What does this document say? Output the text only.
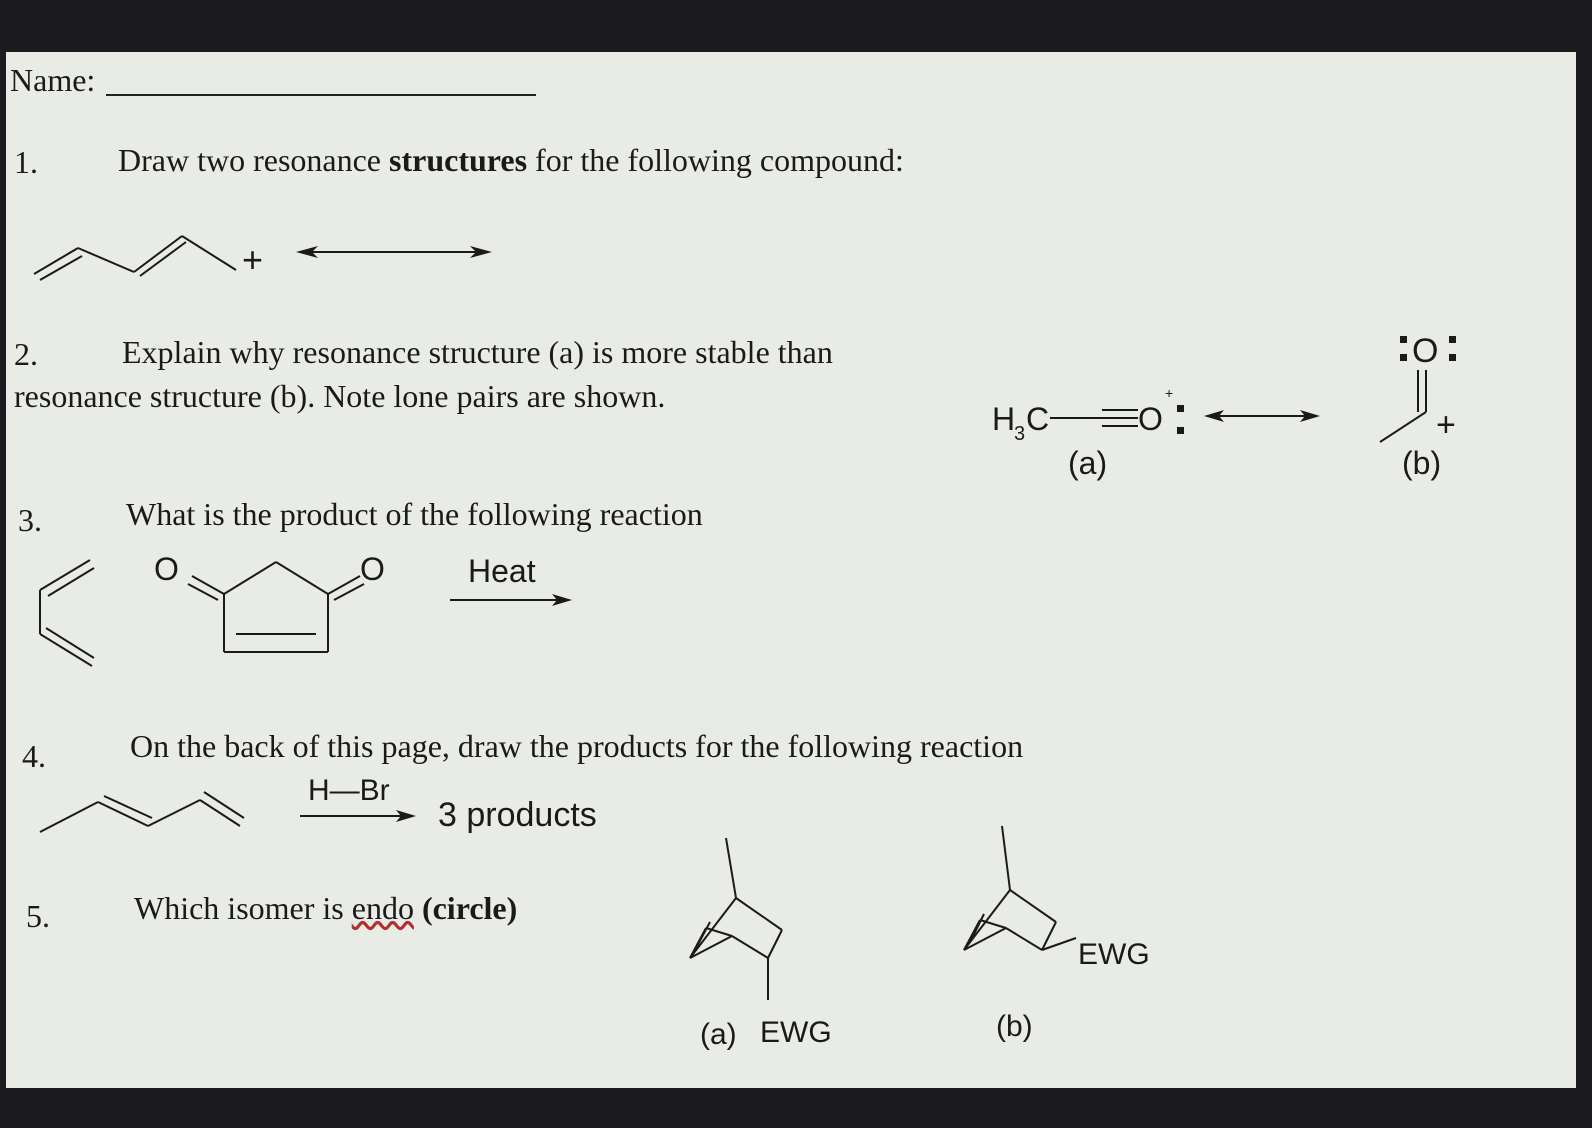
Name:
1.	Draw two resonance structures for the following compound:
+
2.	Explain why resonance structure (a) is more stable than
resonance structure (b). Note lone pairs are shown.
H
3 C	O
+
(a)
O
+
(b)
3.	What is the product of the following reaction
O	O	Heat
4.	On the back of this page, draw the products for the following reaction
H—Br
3 products
5.	Which isomer is endo (circle)
(a) EWG	(b)
EWG
